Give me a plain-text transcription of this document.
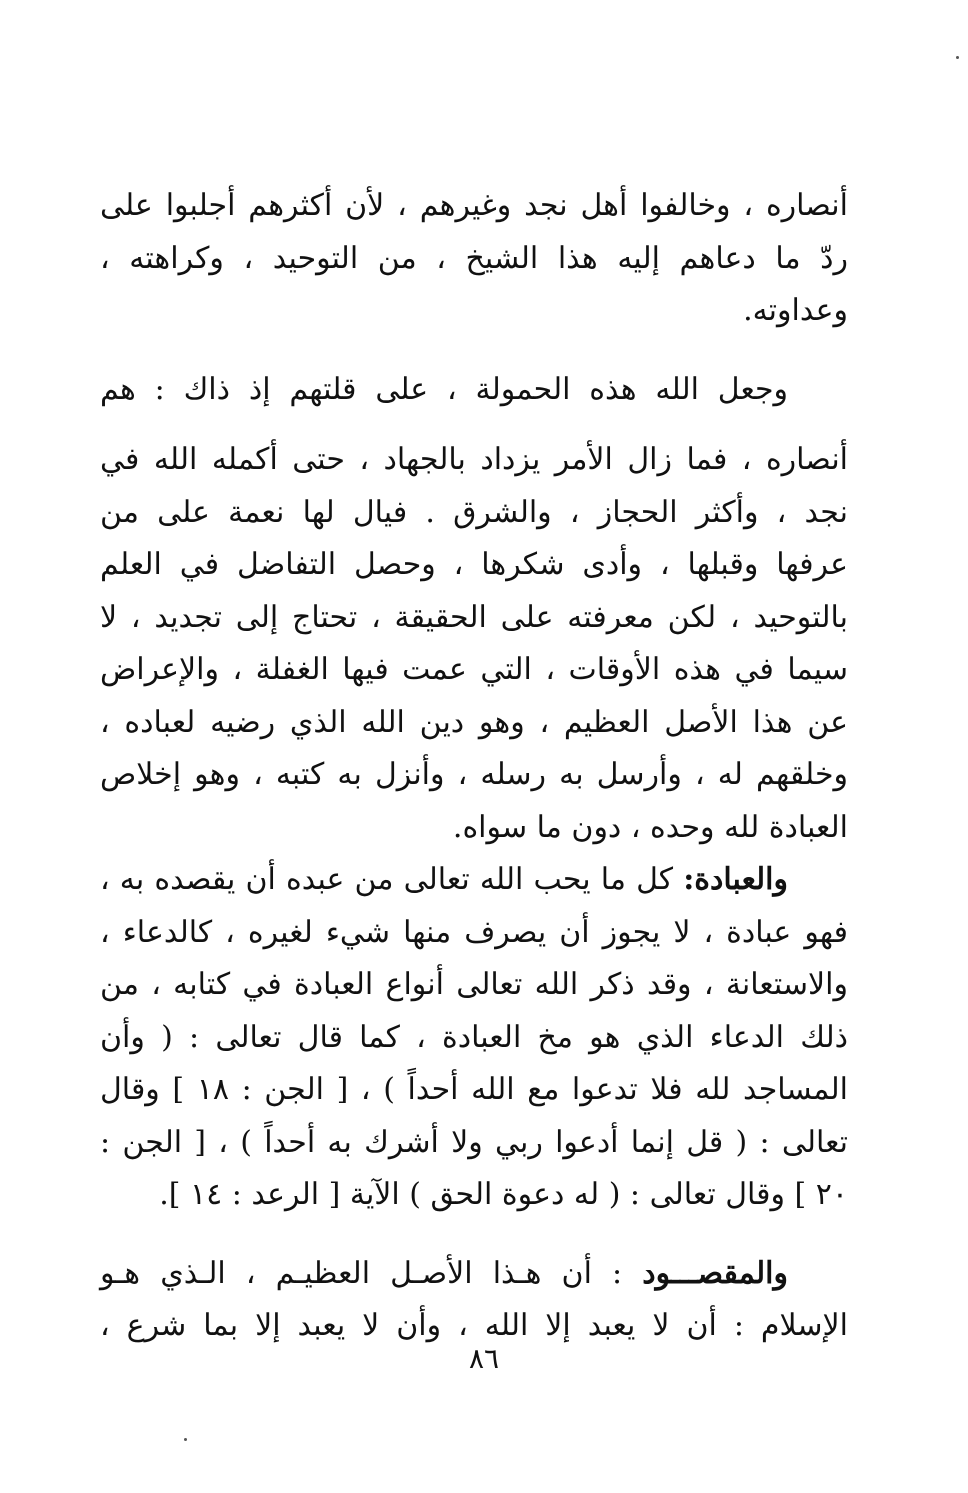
أنصاره ، وخالفوا أهل نجد وغيرهم ، لأن أكثرهم أجلبوا على
ردّ ما دعاهم إليه هذا الشيخ ، من التوحيد ، وكراهته ،
وعداوته.
وجعل الله هذه الحمولة ، على قلتهم إذ ذاك : هم
أنصاره ، فما زال الأمر يزداد بالجهاد ، حتى أكمله الله في
نجد ، وأكثر الحجاز ، والشرق . فيال لها نعمة على من
عرفها وقبلها ، وأدى شكرها ، وحصل التفاضل في العلم
بالتوحيد ، لكن معرفته على الحقيقة ، تحتاج إلى تجديد ، لا
سيما في هذه الأوقات ، التي عمت فيها الغفلة ، والإعراض
عن هذا الأصل العظيم ، وهو دين الله الذي رضيه لعباده ،
وخلقهم له ، وأرسل به رسله ، وأنزل به كتبه ، وهو إخلاص
العبادة لله وحده ، دون ما سواه.
والعبادة: كل ما يحب الله تعالى من عبده أن يقصده به ،
فهو عبادة ، لا يجوز أن يصرف منها شيء لغيره ، كالدعاء ،
والاستعانة ، وقد ذكر الله تعالى أنواع العبادة في كتابه ، من
ذلك الدعاء الذي هو مخ العبادة ، كما قال تعالى : ( وأن
المساجد لله فلا تدعوا مع الله أحداً ) ، [ الجن : ١٨ ] وقال
تعالى : ( قل إنما أدعوا ربي ولا أشرك به أحداً ) ، [ الجن :
٢٠ ] وقال تعالى : ( له دعوة الحق ) الآية [ الرعد : ١٤ ].
والمقصـــود : أن هـذا الأصـل العظيـم ، الـذي هـو
الإسلام : أن لا يعبد إلا الله ، وأن لا يعبد إلا بما شرع ،
٨٦
